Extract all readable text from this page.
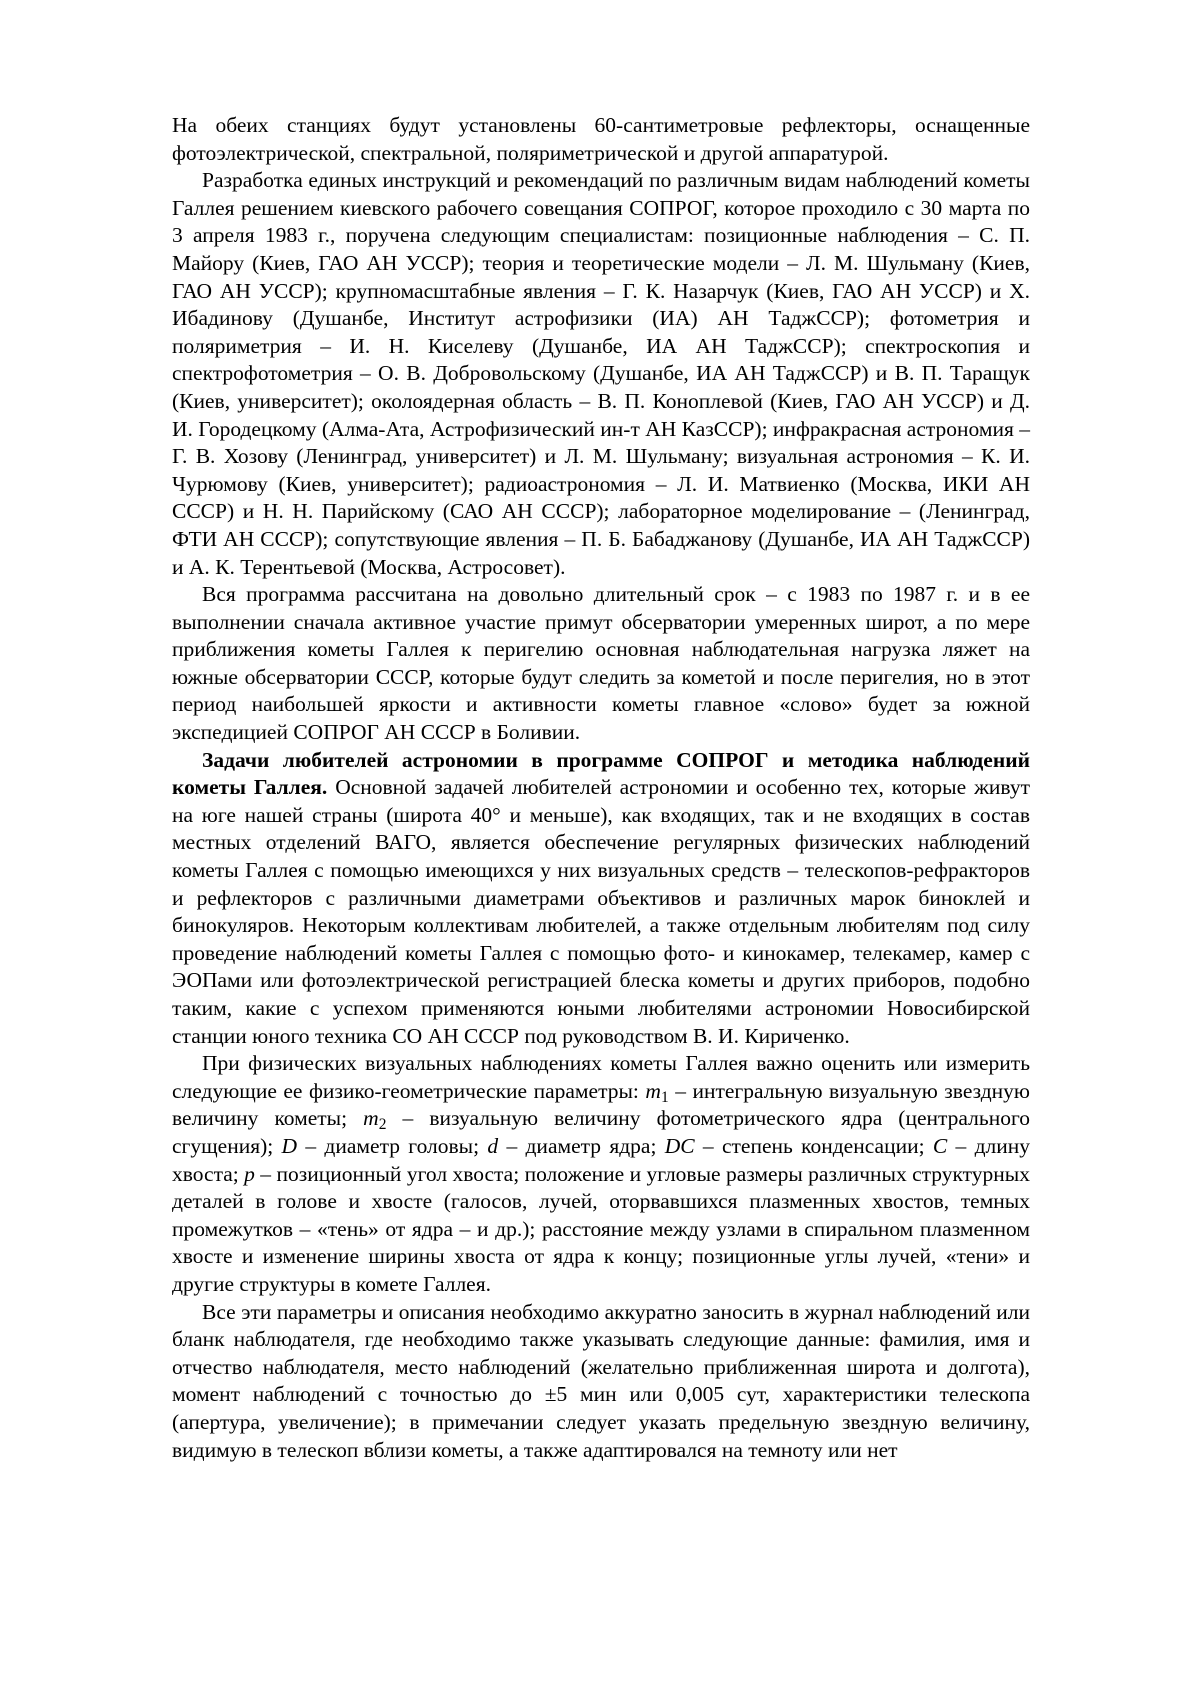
На обеих станциях будут установлены 60-сантиметровые рефлекторы, оснащенные фотоэлектрической, спектральной, поляриметрической и другой аппаратурой.

Разработка единых инструкций и рекомендаций по различным видам наблюдений кометы Галлея решением киевского рабочего совещания СОПРОГ, которое проходило с 30 марта по 3 апреля 1983 г., поручена следующим специалистам: позиционные наблюдения – С. П. Майору (Киев, ГАО АН УССР); теория и теоретические модели – Л. М. Шульману (Киев, ГАО АН УССР); крупномасштабные явления – Г. К. Назарчук (Киев, ГАО АН УССР) и Х. Ибадинову (Душанбе, Институт астрофизики (ИА) АН ТаджССР); фотометрия и поляриметрия – И. Н. Киселеву (Душанбе, ИА АН ТаджССР); спектроскопия и спектрофотометрия – О. В. Добровольскому (Душанбе, ИА АН ТаджССР) и В. П. Таращук (Киев, университет); околоядерная область – В. П. Коноплевой (Киев, ГАО АН УССР) и Д. И. Городецкому (Алма-Ата, Астрофизический ин-т АН КазССР); инфракрасная астрономия – Г. В. Хозову (Ленинград, университет) и Л. М. Шульману; визуальная астрономия – К. И. Чурюмову (Киев, университет); радиоастрономия – Л. И. Матвиенко (Москва, ИКИ АН СССР) и Н. Н. Парийскому (САО АН СССР); лабораторное моделирование – (Ленинград, ФТИ АН СССР); сопутствующие явления – П. Б. Бабаджанову (Душанбе, ИА АН ТаджССР) и А. К. Терентьевой (Москва, Астросовет).

Вся программа рассчитана на довольно длительный срок – с 1983 по 1987 г. и в ее выполнении сначала активное участие примут обсерватории умеренных широт, а по мере приближения кометы Галлея к перигелию основная наблюдательная нагрузка ляжет на южные обсерватории СССР, которые будут следить за кометой и после перигелия, но в этот период наибольшей яркости и активности кометы главное «слово» будет за южной экспедицией СОПРОГ АН СССР в Боливии.

Задачи любителей астрономии в программе СОПРОГ и методика наблюдений кометы Галлея. Основной задачей любителей астрономии и особенно тех, которые живут на юге нашей страны (широта 40° и меньше), как входящих, так и не входящих в состав местных отделений ВАГО, является обеспечение регулярных физических наблюдений кометы Галлея с помощью имеющихся у них визуальных средств – телескопов-рефракторов и рефлекторов с различными диаметрами объективов и различных марок биноклей и бинокуляров. Некоторым коллективам любителей, а также отдельным любителям под силу проведение наблюдений кометы Галлея с помощью фото- и кинокамер, телекамер, камер с ЭОПами или фотоэлектрической регистрацией блеска кометы и других приборов, подобно таким, какие с успехом применяются юными любителями астрономии Новосибирской станции юного техника СО АН СССР под руководством В. И. Кириченко.

При физических визуальных наблюдениях кометы Галлея важно оценить или измерить следующие ее физико-геометрические параметры: $m_1$ – интегральную визуальную звездную величину кометы; $m_2$ – визуальную величину фотометрического ядра (центрального сгущения); D – диаметр головы; d – диаметр ядра; DC – степень конденсации; C – длину хвоста; p – позиционный угол хвоста; положение и угловые размеры различных структурных деталей в голове и хвосте (галосов, лучей, оторвавшихся плазменных хвостов, темных промежутков – «тень» от ядра – и др.); расстояние между узлами в спиральном плазменном хвосте и изменение ширины хвоста от ядра к концу; позиционные углы лучей, «тени» и другие структуры в комете Галлея.

Все эти параметры и описания необходимо аккуратно заносить в журнал наблюдений или бланк наблюдателя, где необходимо также указывать следующие данные: фамилия, имя и отчество наблюдателя, место наблюдений (желательно приближенная широта и долгота), момент наблюдений с точностью до ±5 мин или 0,005 сут, характеристики телескопа (апертура, увеличение); в примечании следует указать предельную звездную величину, видимую в телескоп вблизи кометы, а также адаптировался на темноту или нет
